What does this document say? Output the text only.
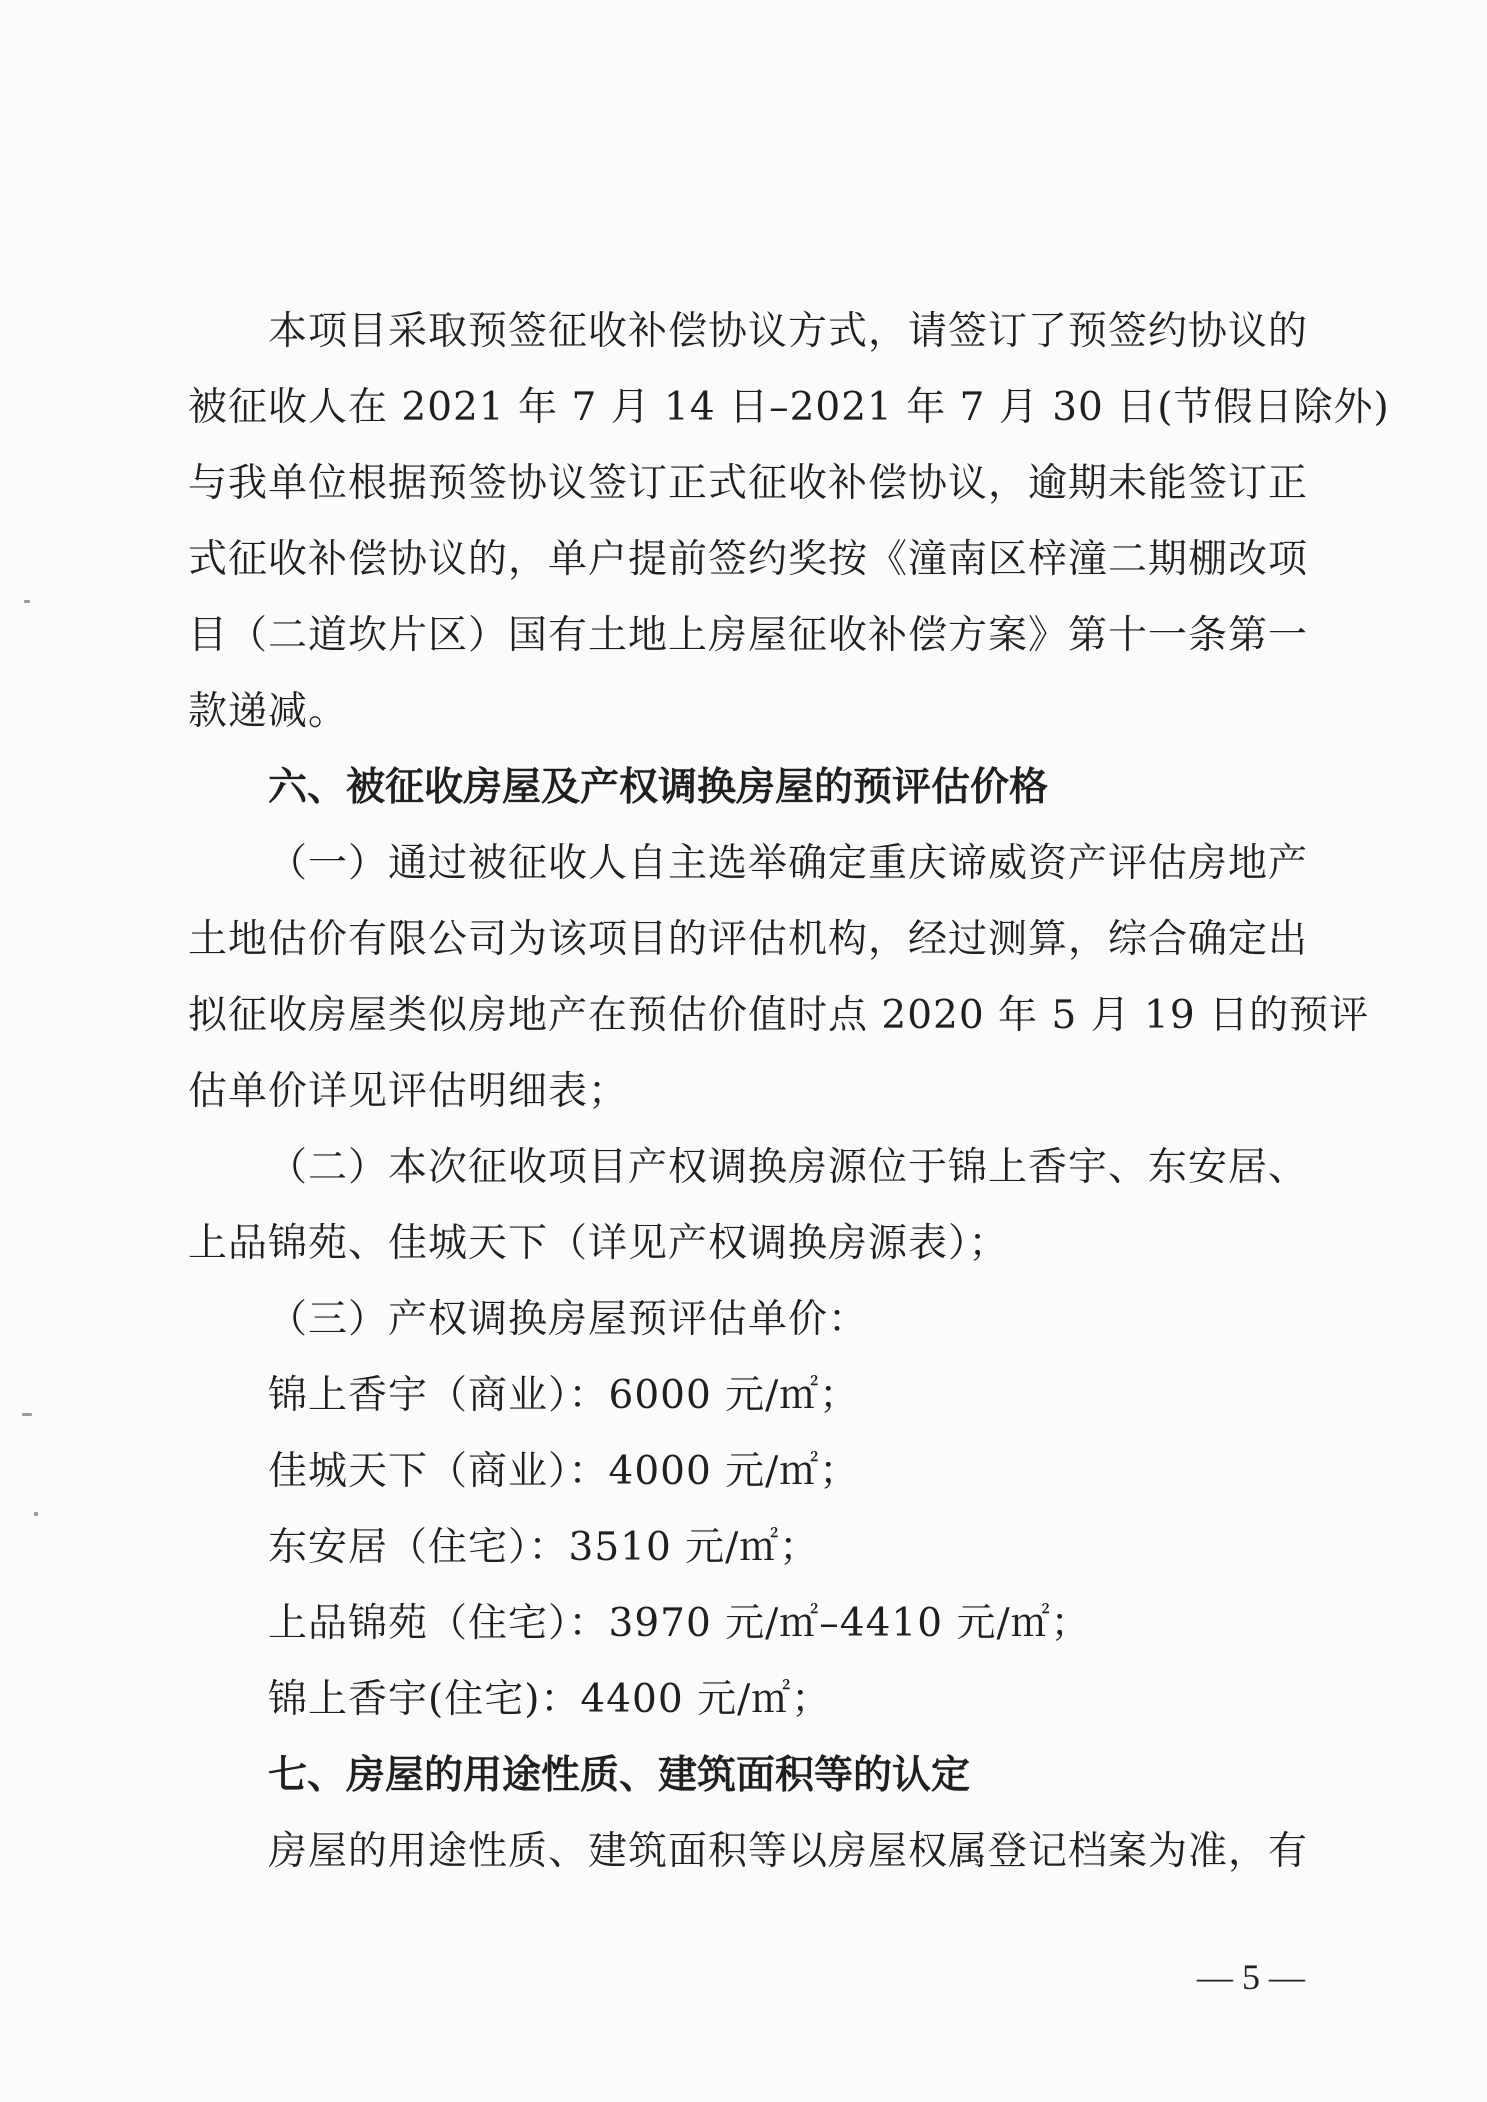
本项目采取预签征收补偿协议方式，请签订了预签约协议的
被征收人在 2021 年 7 月 14 日–2021 年 7 月 30 日(节假日除外)
与我单位根据预签协议签订正式征收补偿协议，逾期未能签订正
式征收补偿协议的，单户提前签约奖按《潼南区梓潼二期棚改项
目（二道坎片区）国有土地上房屋征收补偿方案》第十一条第一
款递减。
六、被征收房屋及产权调换房屋的预评估价格
（一）通过被征收人自主选举确定重庆谛威资产评估房地产
土地估价有限公司为该项目的评估机构，经过测算，综合确定出
拟征收房屋类似房地产在预估价值时点 2020 年 5 月 19 日的预评
估单价详见评估明细表；
（二）本次征收项目产权调换房源位于锦上香宇、东安居、
上品锦苑、佳城天下（详见产权调换房源表）；
（三）产权调换房屋预评估单价：
锦上香宇（商业）：6000 元/㎡；
佳城天下（商业）：4000 元/㎡；
东安居（住宅）：3510 元/㎡；
上品锦苑（住宅）：3970 元/㎡–4410 元/㎡；
锦上香宇(住宅)：4400 元/㎡；
七、房屋的用途性质、建筑面积等的认定
房屋的用途性质、建筑面积等以房屋权属登记档案为准，有
— 5 —
